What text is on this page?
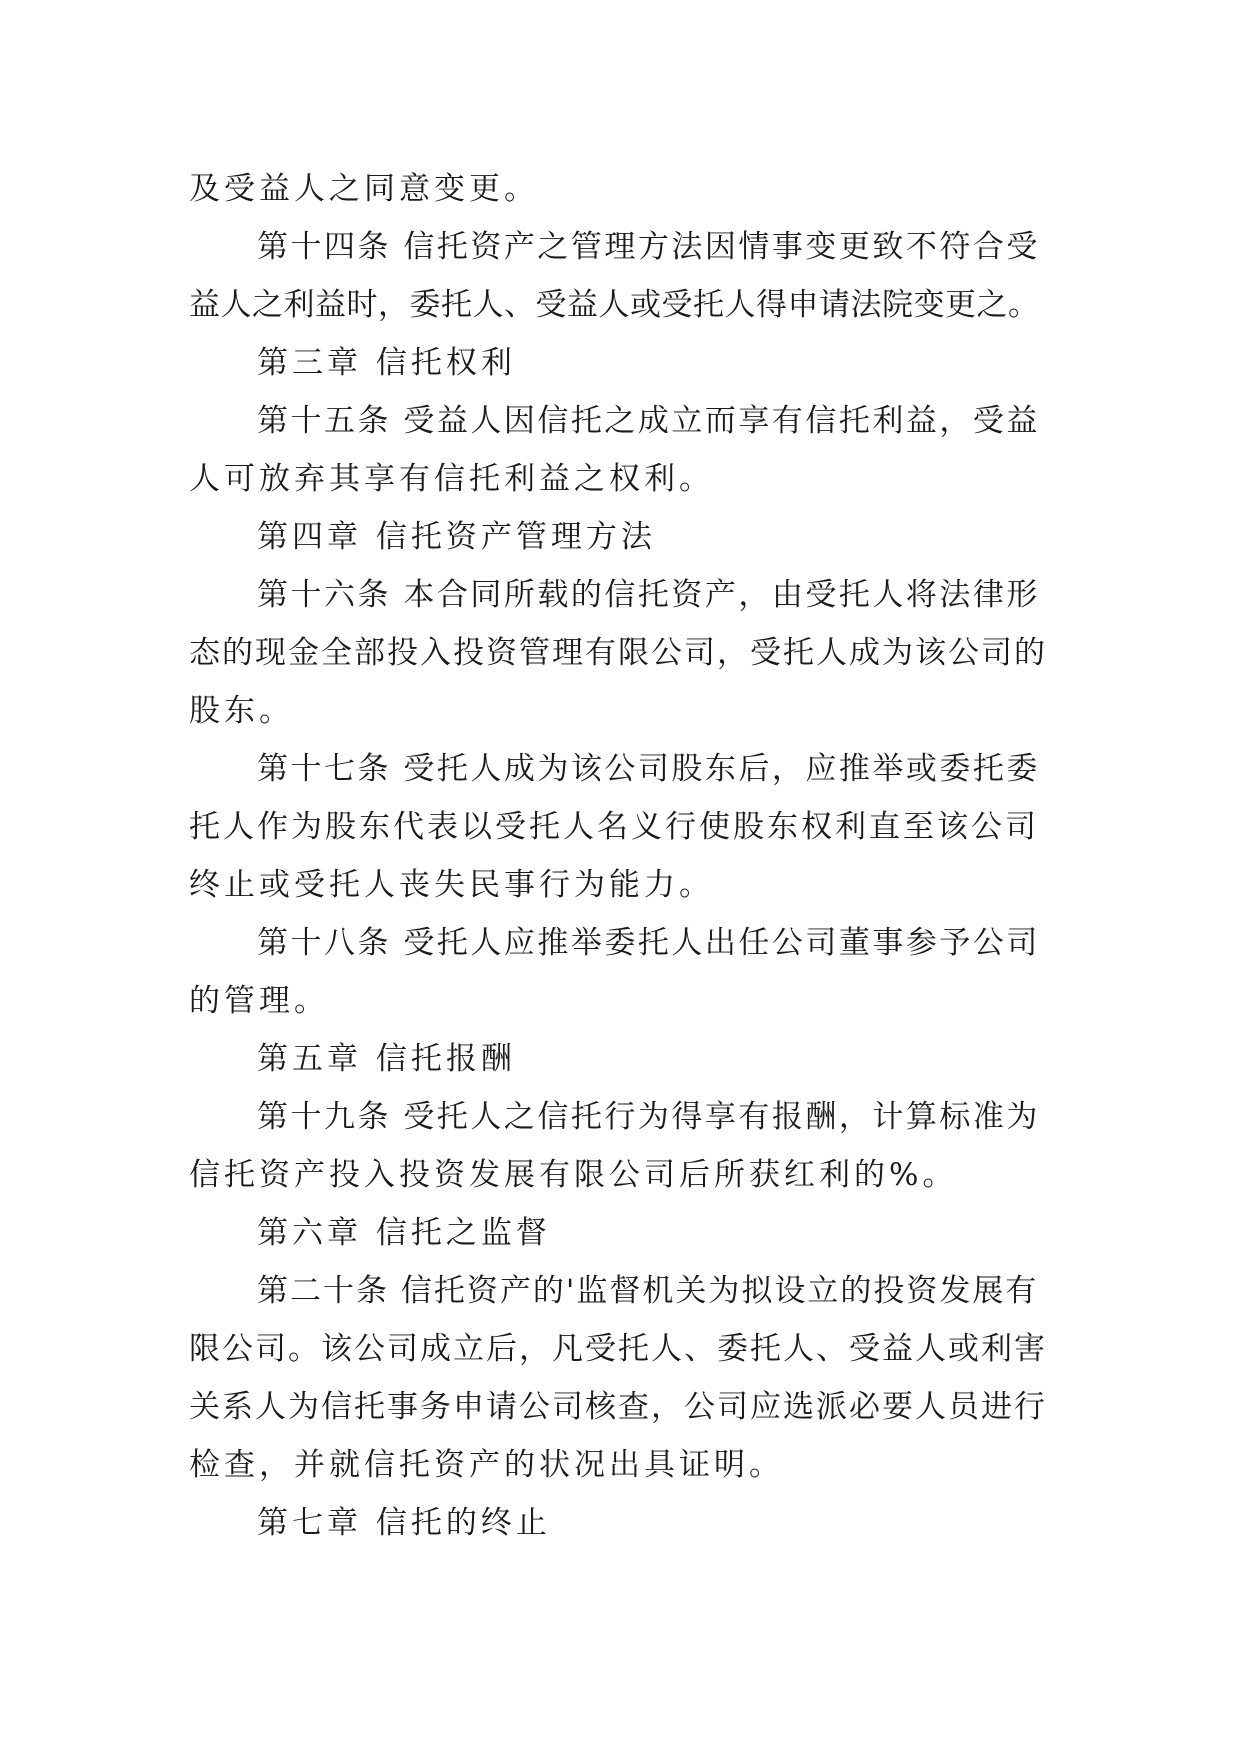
及受益人之同意变更。
第十四条 信托资产之管理方法因情事变更致不符合受
益人之利益时，委托人、受益人或受托人得申请法院变更之。
第三章 信托权利
第十五条 受益人因信托之成立而享有信托利益，受益
人可放弃其享有信托利益之权利。
第四章 信托资产管理方法
第十六条 本合同所载的信托资产，由受托人将法律形
态的现金全部投入投资管理有限公司，受托人成为该公司的
股东。
第十七条 受托人成为该公司股东后，应推举或委托委
托人作为股东代表以受托人名义行使股东权利直至该公司
终止或受托人丧失民事行为能力。
第十八条 受托人应推举委托人出任公司董事参予公司
的管理。
第五章 信托报酬
第十九条 受托人之信托行为得享有报酬，计算标准为
信托资产投入投资发展有限公司后所获红利的%。
第六章 信托之监督
第二十条 信托资产的'监督机关为拟设立的投资发展有
限公司。该公司成立后，凡受托人、委托人、受益人或利害
关系人为信托事务申请公司核查，公司应选派必要人员进行
检查，并就信托资产的状况出具证明。
第七章 信托的终止
